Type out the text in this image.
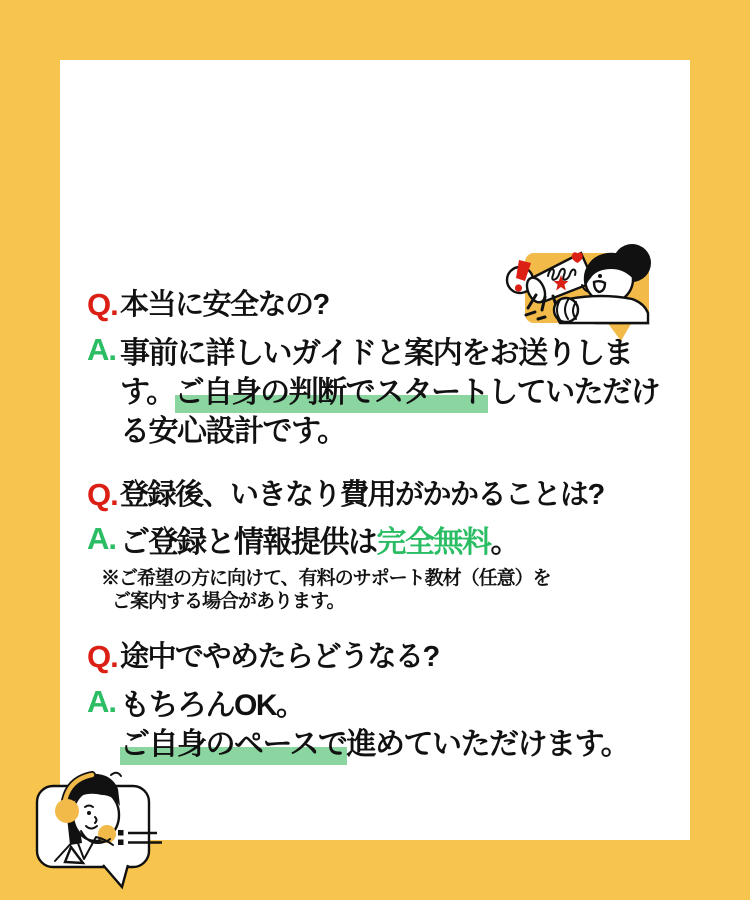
Q. 本当に安全なの?
A. 事前に詳しいガイドと案内をお送りしま
す。ご自身の判断でスタートしていただけ
る安心設計です。
Q. 登録後、いきなり費用がかかることは?
A. ご登録と情報提供は完全無料。
※ご希望の方に向けて、有料のサポート教材（任意）を
ご案内する場合があります。
Q. 途中でやめたらどうなる?
A. もちろんOK。
ご自身のペースで進めていただけます。
